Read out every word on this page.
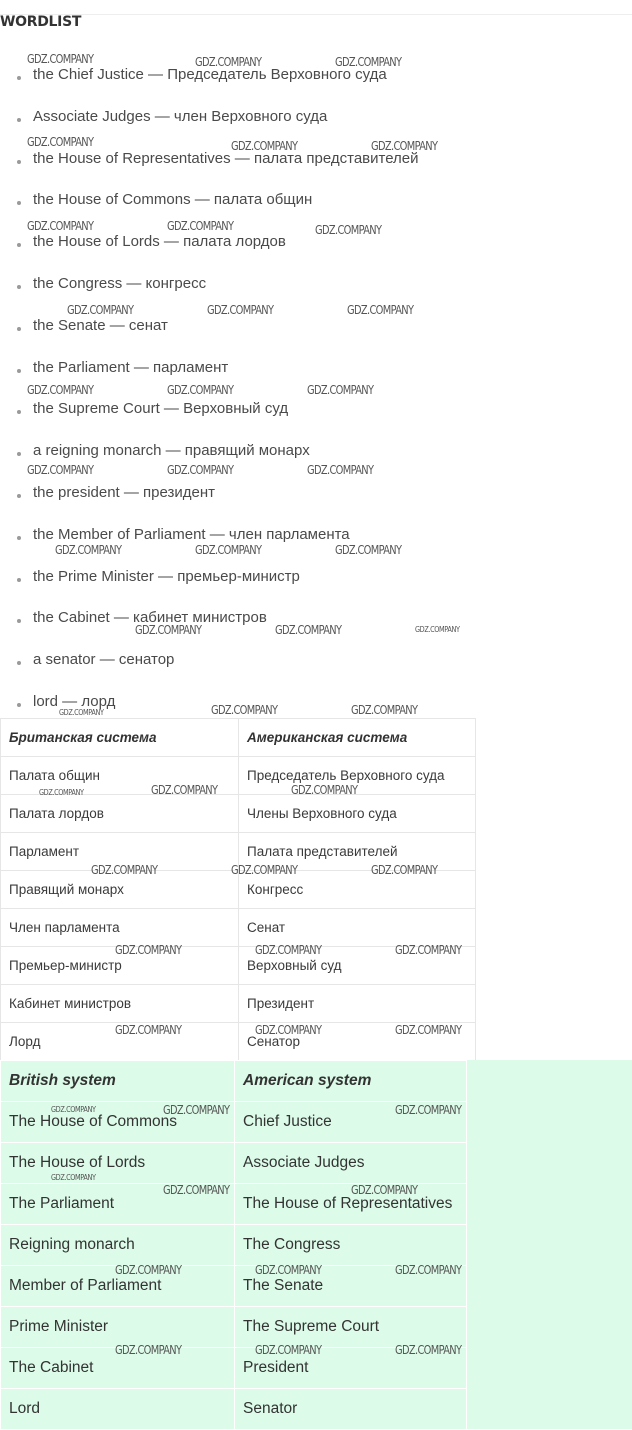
WORDLIST
the Chief Justice — Председатель Верховного суда
Associate Judges — член Верховного суда
the House of Representatives — палата представителей
the House of Commons — палата общин
the House of Lords — палата лордов
the Congress — конгресс
the Senate — сенат
the Parliament — парламент
the Supreme Court — Верховный суд
a reigning monarch — правящий монарх
the president — президент
the Member of Parliament — член парламента
the Prime Minister — премьер-министр
the Cabinet — кабинет министров
a senator — сенатор
lord — лорд
Британская система	Американская система
Палата общин	Председатель Верховного суда
Палата лордов	Члены Верховного суда
Парламент	Палата представителей
Правящий монарх	Конгресс
Член парламента	Сенат
Премьер-министр	Верховный суд
Кабинет министров	Президент
Лорд	Сенатор
British system	American system
The House of Commons	Chief Justice
The House of Lords	Associate Judges
The Parliament	The House of Representatives
Reigning monarch	The Congress
Member of Parliament	The Senate
Prime Minister	The Supreme Court
The Cabinet	President
Lord	Senator
GDZ.COMPANY	GDZ.COMPANY	GDZ.COMPANY
GDZ.COMPANY	GDZ.COMPANY	GDZ.COMPANY
GDZ.COMPANY	GDZ.COMPANY	GDZ.COMPANY
GDZ.COMPANY	GDZ.COMPANY	GDZ.COMPANY
GDZ.COMPANY	GDZ.COMPANY	GDZ.COMPANY
GDZ.COMPANY	GDZ.COMPANY	GDZ.COMPANY
GDZ.COMPANY	GDZ.COMPANY	GDZ.COMPANY
GDZ.COMPANY	GDZ.COMPANY	GDZ.COMPANY
GDZ.COMPANY	GDZ.COMPANY	GDZ.COMPANY
GDZ.COMPANY	GDZ.COMPANY	GDZ.COMPANY
GDZ.COMPANY	GDZ.COMPANY	GDZ.COMPANY
GDZ.COMPANY	GDZ.COMPANY	GDZ.COMPANY
GDZ.COMPANY	GDZ.COMPANY	GDZ.COMPANY
GDZ.COMPANY	GDZ.COMPANY	GDZ.COMPANY
GDZ.COMPANY
GDZ.COMPANY	GDZ.COMPANY
GDZ.COMPANY	GDZ.COMPANY	GDZ.COMPANY
GDZ.COMPANY	GDZ.COMPANY	GDZ.COMPANY
